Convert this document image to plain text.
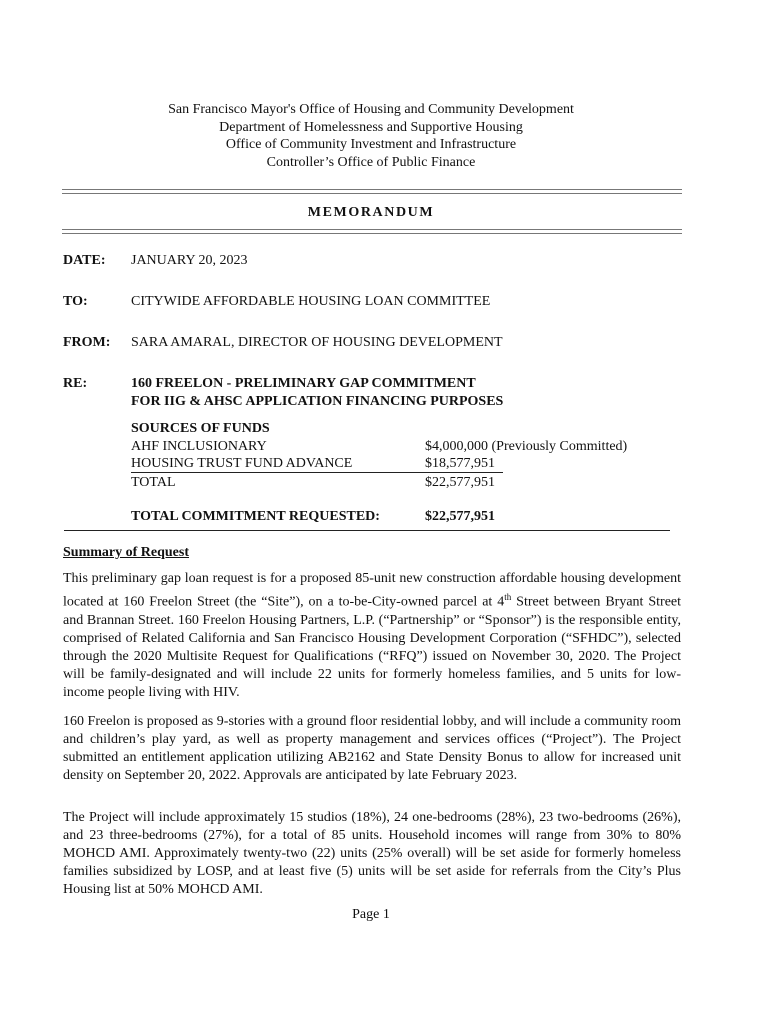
San Francisco Mayor's Office of Housing and Community Development
Department of Homelessness and Supportive Housing
Office of Community Investment and Infrastructure
Controller’s Office of Public Finance
MEMORANDUM
DATE: JANUARY 20, 2023
TO:	CITYWIDE AFFORDABLE HOUSING LOAN COMMITTEE
FROM: SARA AMARAL, DIRECTOR OF HOUSING DEVELOPMENT
RE:	160 FREELON - PRELIMINARY GAP COMMITMENT
FOR IIG & AHSC APPLICATION FINANCING PURPOSES
SOURCES OF FUNDS
AHF INCLUSIONARY	$4,000,000 (Previously Committed)
HOUSING TRUST FUND ADVANCE	$18,577,951
TOTAL	$22,577,951
TOTAL COMMITMENT REQUESTED:	$22,577,951
Summary of Request
This preliminary gap loan request is for a proposed 85-unit new construction affordable housing development located at 160 Freelon Street (the “Site”), on a to-be-City-owned parcel at 4th Street between Bryant Street and Brannan Street. 160 Freelon Housing Partners, L.P. (“Partnership” or “Sponsor”) is the responsible entity, comprised of Related California and San Francisco Housing Development Corporation (“SFHDC”), selected through the 2020 Multisite Request for Qualifications (“RFQ”) issued on November 30, 2020. The Project will be family-designated and will include 22 units for formerly homeless families, and 5 units for low-income people living with HIV.
160 Freelon is proposed as 9-stories with a ground floor residential lobby, and will include a community room and children’s play yard, as well as property management and services offices (“Project”). The Project submitted an entitlement application utilizing AB2162 and State Density Bonus to allow for increased unit density on September 20, 2022. Approvals are anticipated by late February 2023.
The Project will include approximately 15 studios (18%), 24 one-bedrooms (28%), 23 two-bedrooms (26%), and 23 three-bedrooms (27%), for a total of 85 units. Household incomes will range from 30% to 80% MOHCD AMI. Approximately twenty-two (22) units (25% overall) will be set aside for formerly homeless families subsidized by LOSP, and at least five (5) units will be set aside for referrals from the City’s Plus Housing list at 50% MOHCD AMI.
Page 1
